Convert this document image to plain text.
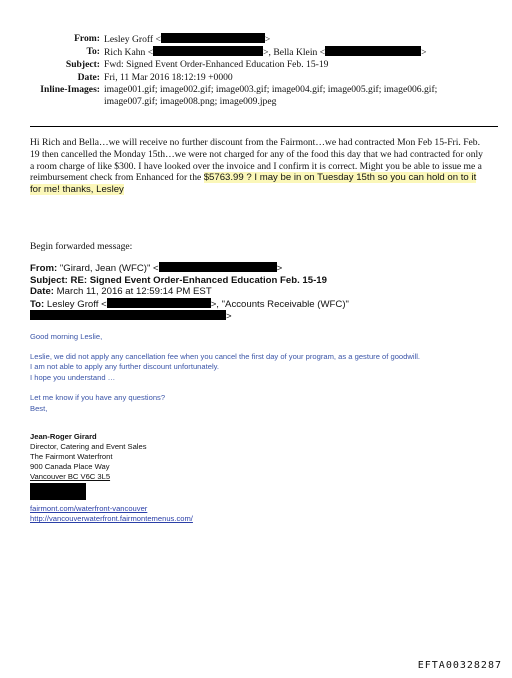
From: Lesley Groff <	>
To: Rich Kahn <	>, Bella Klein <	>
Subject: Fwd: Signed Event Order-Enhanced Education Feb. 15-19
Date: Fri, 11 Mar 2016 18:12:19 +0000
Inline-Images: image001.gif; image002.gif; image003.gif; image004.gif; image005.gif; image006.gif; image007.gif; image008.png; image009.jpeg
Hi Rich and Bella…we will receive no further discount from the Fairmont…we had contracted Mon Feb 15-Fri. Feb. 19 then cancelled the Monday 15th…we were not charged for any of the food this day that we had contracted for only a room charge of like $300. I have looked over the invoice and I confirm it is correct. Might you be able to issue me a reimbursement check from Enhanced for the $5763.99 ? I may be in on Tuesday 15th so you can hold on to it for me! thanks, Lesley
Begin forwarded message:
From: "Girard, Jean (WFC)" <	>
Subject: RE: Signed Event Order-Enhanced Education Feb. 15-19
Date: March 11, 2016 at 12:59:14 PM EST
To: Lesley Groff <	>, "Accounts Receivable (WFC)"
>

Good morning Leslie,

Leslie, we did not apply any cancellation fee when you cancel the first day of your program, as a gesture of goodwill.

I am not able to apply any further discount unfortunately.

I hope you understand …

Let me know if you have any questions?

Best,

Jean-Roger Girard
Director, Catering and Event Sales
The Fairmont Waterfront
900 Canada Place Way
Vancouver BC V6C 3L5
fairmont.com/waterfront-vancouver
http://vancouverwaterfront.fairmontemenus.com/
EFTA00328287
